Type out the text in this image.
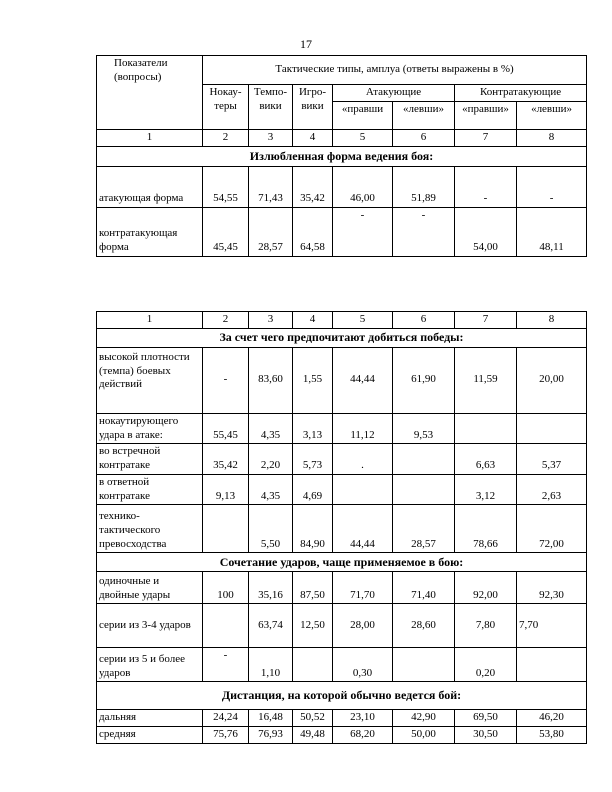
17
Показатели (вопросы)	Тактические типы, амплуа (ответы выражены в %)						
	Нокау-теры	Темпо-вики	Игро-вики	Атакующие		Контратакующие	
				«правши	«левши»	«правши»	«левши»
1	2	3	4	5	6	7	8
Излюбленная форма ведения боя:							
атакующая форма	54,55	71,43	35,42	46,00	51,89	-	-
контратакующая форма	45,45	28,57	64,58	-	-	54,00	48,11
1	2	3	4	5	6	7	8
За счет чего предпочитают добиться победы:							
высокой плотности (темпа) боевых действий	-	83,60	1,55	44,44	61,90	11,59	20,00
нокаутирующего удара в атаке:	55,45	4,35	3,13	11,12	9,53		
во встречной контратаке	35,42	2,20	5,73	.		6,63	5,37
в ответной контратаке	9,13	4,35	4,69			3,12	2,63
технико-тактического превосходства		5,50	84,90	44,44	28,57	78,66	72,00
Сочетание ударов, чаще применяемое в бою:							
одиночные и двойные удары	100	35,16	87,50	71,70	71,40	92,00	92,30
серии из 3-4 ударов		63,74	12,50	28,00	28,60	7,80	7,70
серии из 5 и более ударов	-	1,10		0,30		0,20	
Дистанция, на которой обычно ведется бой:							
дальняя	24,24	16,48	50,52	23,10	42,90	69,50	46,20
средняя	75,76	76,93	49,48	68,20	50,00	30,50	53,80
